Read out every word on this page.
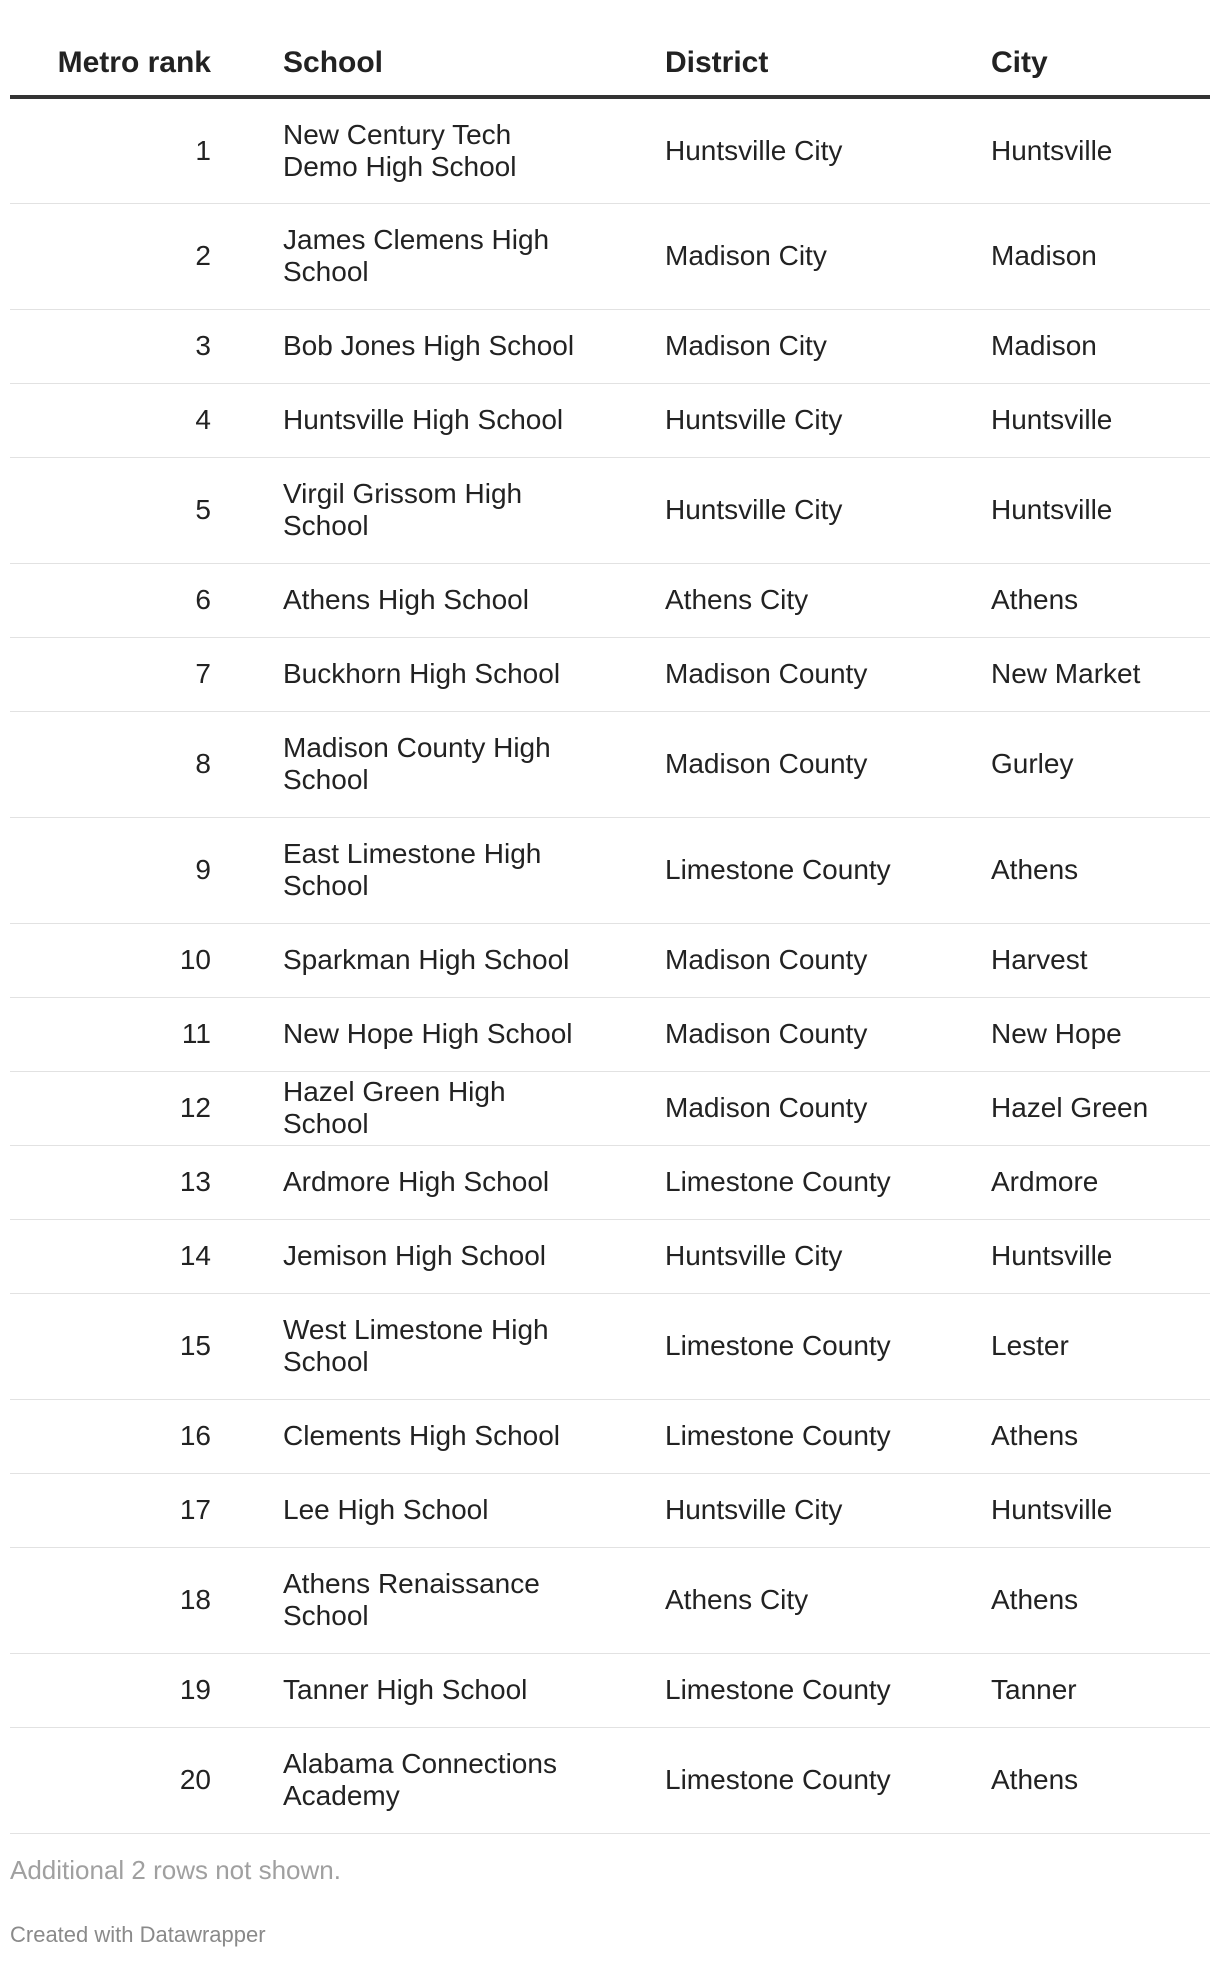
Metro rank	School	District	City
1	New Century Tech Demo High School	Huntsville City	Huntsville
2	James Clemens High School	Madison City	Madison
3	Bob Jones High School	Madison City	Madison
4	Huntsville High School	Huntsville City	Huntsville
5	Virgil Grissom High School	Huntsville City	Huntsville
6	Athens High School	Athens City	Athens
7	Buckhorn High School	Madison County	New Market
8	Madison County High School	Madison County	Gurley
9	East Limestone High School	Limestone County	Athens
10	Sparkman High School	Madison County	Harvest
11	New Hope High School	Madison County	New Hope
12	Hazel Green High School	Madison County	Hazel Green
13	Ardmore High School	Limestone County	Ardmore
14	Jemison High School	Huntsville City	Huntsville
15	West Limestone High School	Limestone County	Lester
16	Clements High School	Limestone County	Athens
17	Lee High School	Huntsville City	Huntsville
18	Athens Renaissance School	Athens City	Athens
19	Tanner High School	Limestone County	Tanner
20	Alabama Connections Academy	Limestone County	Athens
Additional 2 rows not shown.
Created with Datawrapper
